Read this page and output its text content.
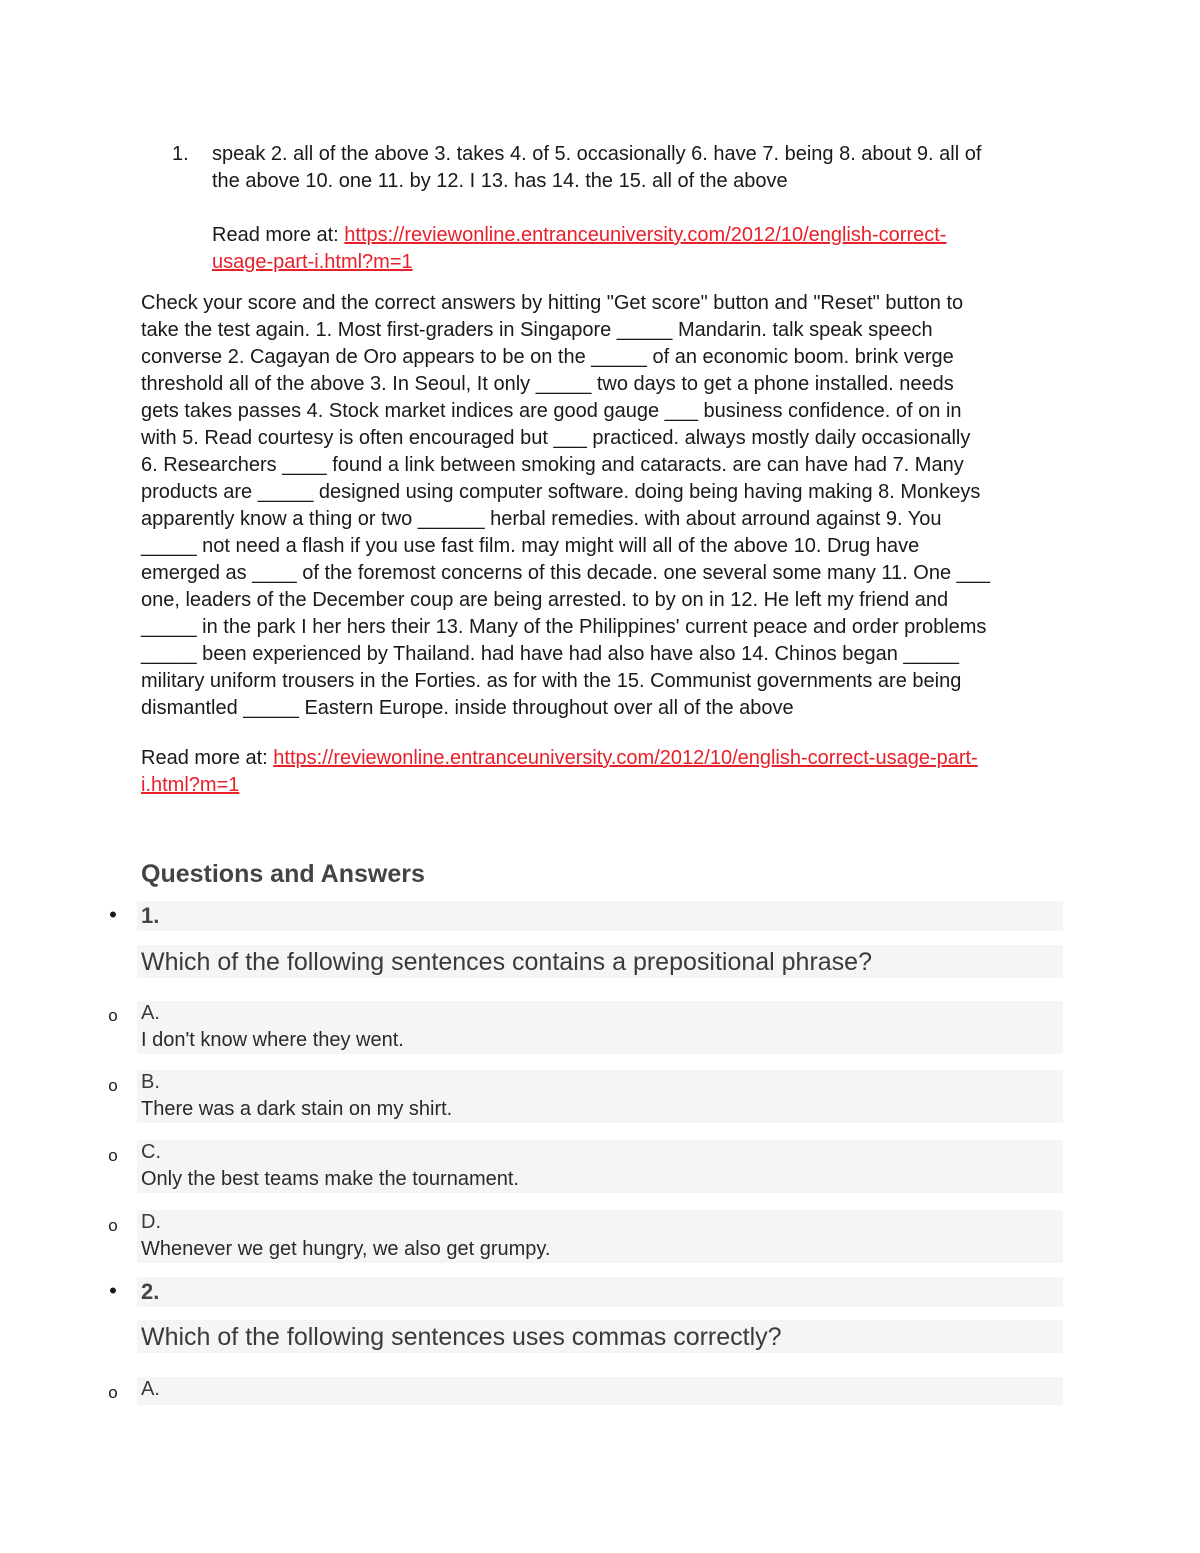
1. speak 2. all of the above 3. takes 4. of 5. occasionally 6. have 7. being 8. about 9. all of
the above 10. one 11. by 12. I 13. has 14. the 15. all of the above
Read more at: https://reviewonline.entranceuniversity.com/2012/10/english-correct-
usage-part-i.html?m=1
Check your score and the correct answers by hitting "Get score" button and "Reset" button to
take the test again. 1. Most first-graders in Singapore _____ Mandarin. talk speak speech
converse 2. Cagayan de Oro appears to be on the _____ of an economic boom. brink verge
threshold all of the above 3. In Seoul, It only _____ two days to get a phone installed. needs
gets takes passes 4. Stock market indices are good gauge ___ business confidence. of on in
with 5. Read courtesy is often encouraged but ___ practiced. always mostly daily occasionally
6. Researchers ____ found a link between smoking and cataracts. are can have had 7. Many
products are _____ designed using computer software. doing being having making 8. Monkeys
apparently know a thing or two ______ herbal remedies. with about arround against 9. You
_____ not need a flash if you use fast film. may might will all of the above 10. Drug have
emerged as ____ of the foremost concerns of this decade. one several some many 11. One ___
one, leaders of the December coup are being arrested. to by on in 12. He left my friend and
_____ in the park I her hers their 13. Many of the Philippines' current peace and order problems
_____ been experienced by Thailand. had have had also have also 14. Chinos began _____
military uniform trousers in the Forties. as for with the 15. Communist governments are being
dismantled _____ Eastern Europe. inside throughout over all of the above
Read more at: https://reviewonline.entranceuniversity.com/2012/10/english-correct-usage-part-
i.html?m=1
Questions and Answers
• 1.
Which of the following sentences contains a prepositional phrase?
o A.
I don't know where they went.
o B.
There was a dark stain on my shirt.
o C.
Only the best teams make the tournament.
o D.
Whenever we get hungry, we also get grumpy.
• 2.
Which of the following sentences uses commas correctly?
o A.
